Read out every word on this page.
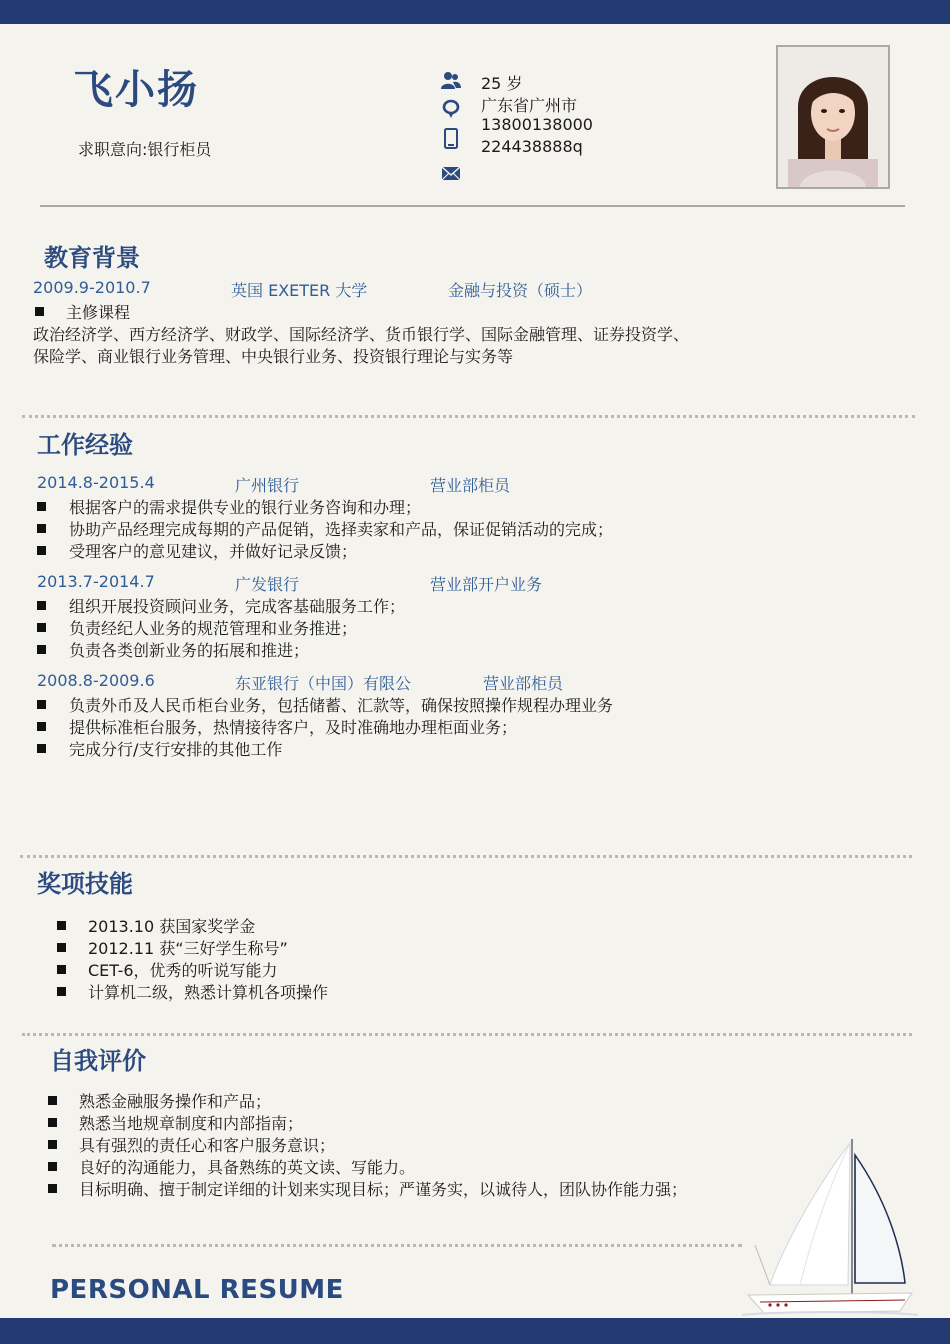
飞小扬
求职意向:银行柜员
25 岁
广东省广州市
13800138000
224438888q
教育背景
2009.9-2010.7	英国 EXETER 大学	金融与投资（硕士）
主修课程
政治经济学、西方经济学、财政学、国际经济学、货币银行学、国际金融管理、证券投资学、
保险学、商业银行业务管理、中央银行业务、投资银行理论与实务等
工作经验
2014.8-2015.4	广州银行	营业部柜员
根据客户的需求提供专业的银行业务咨询和办理；
协助产品经理完成每期的产品促销，选择卖家和产品，保证促销活动的完成；
受理客户的意见建议，并做好记录反馈；
2013.7-2014.7	广发银行	营业部开户业务
组织开展投资顾问业务，完成客基础服务工作；
负责经纪人业务的规范管理和业务推进；
负责各类创新业务的拓展和推进；
2008.8-2009.6	东亚银行（中国）有限公	营业部柜员
负责外币及人民币柜台业务，包括储蓄、汇款等，确保按照操作规程办理业务
提供标准柜台服务，热情接待客户，及时准确地办理柜面业务；
完成分行/支行安排的其他工作
奖项技能
2013.10 获国家奖学金
2012.11 获“三好学生称号”
CET-6，优秀的听说写能力
计算机二级，熟悉计算机各项操作
自我评价
熟悉金融服务操作和产品；
熟悉当地规章制度和内部指南；
具有强烈的责任心和客户服务意识；
良好的沟通能力，具备熟练的英文读、写能力。
目标明确、擅于制定详细的计划来实现目标；严谨务实，以诚待人，团队协作能力强；
PERSONAL RESUME
